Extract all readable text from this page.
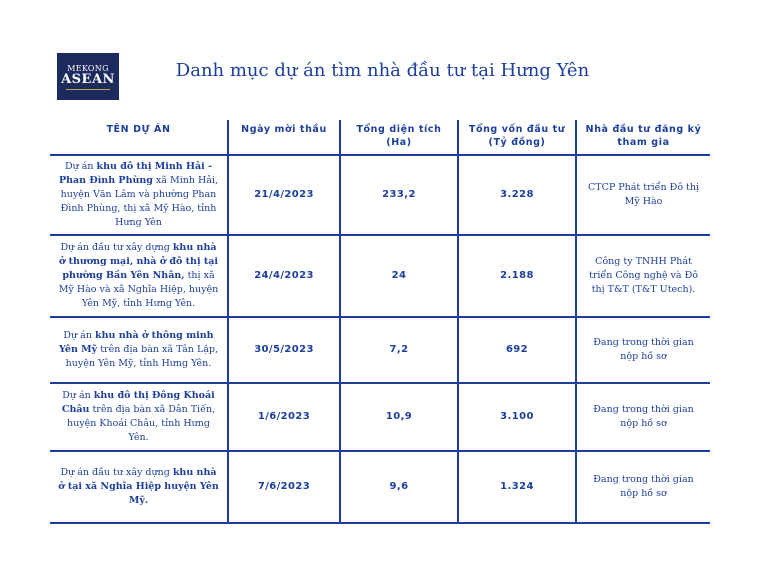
MEKONG
ASEAN	Danh mục dự án tìm nhà đầu tư tại Hưng Yên
TÊN DỰ ÁN	Ngày mời thầu	Tổng diện tích (Ha)	Tổng vốn đầu tư (Tỷ đồng)	Nhà đầu tư đăng ký tham gia
Dự án khu đô thị Minh Hải - Phan Đình Phùng xã Minh Hải, huyện Văn Lâm và phường Phan Đình Phùng, thị xã Mỹ Hào, tỉnh Hưng Yên	21/4/2023	233,2	3.228	CTCP Phát triển Đô thị Mỹ Hào
Dự án đầu tư xây dựng khu nhà ở thương mại, nhà ở đô thị tại phường Bần Yên Nhân, thị xã Mỹ Hào và xã Nghĩa Hiệp, huyện Yên Mỹ, tỉnh Hưng Yên.	24/4/2023	24	2.188	Công ty TNHH Phát triển Công nghệ và Đô thị T&T (T&T Utech).
Dự án khu nhà ở thông minh Yên Mỹ trên địa bàn xã Tân Lập, huyện Yên Mỹ, tỉnh Hưng Yên.	30/5/2023	7,2	692	Đang trong thời gian nộp hồ sơ
Dự án khu đô thị Đông Khoái Châu trên địa bàn xã Dân Tiến, huyện Khoái Châu, tỉnh Hưng Yên.	1/6/2023	10,9	3.100	Đang trong thời gian nộp hồ sơ
Dự án đầu tư xây dựng khu nhà ở tại xã Nghĩa Hiệp huyện Yên Mỹ.	7/6/2023	9,6	1.324	Đang trong thời gian nộp hồ sơ
